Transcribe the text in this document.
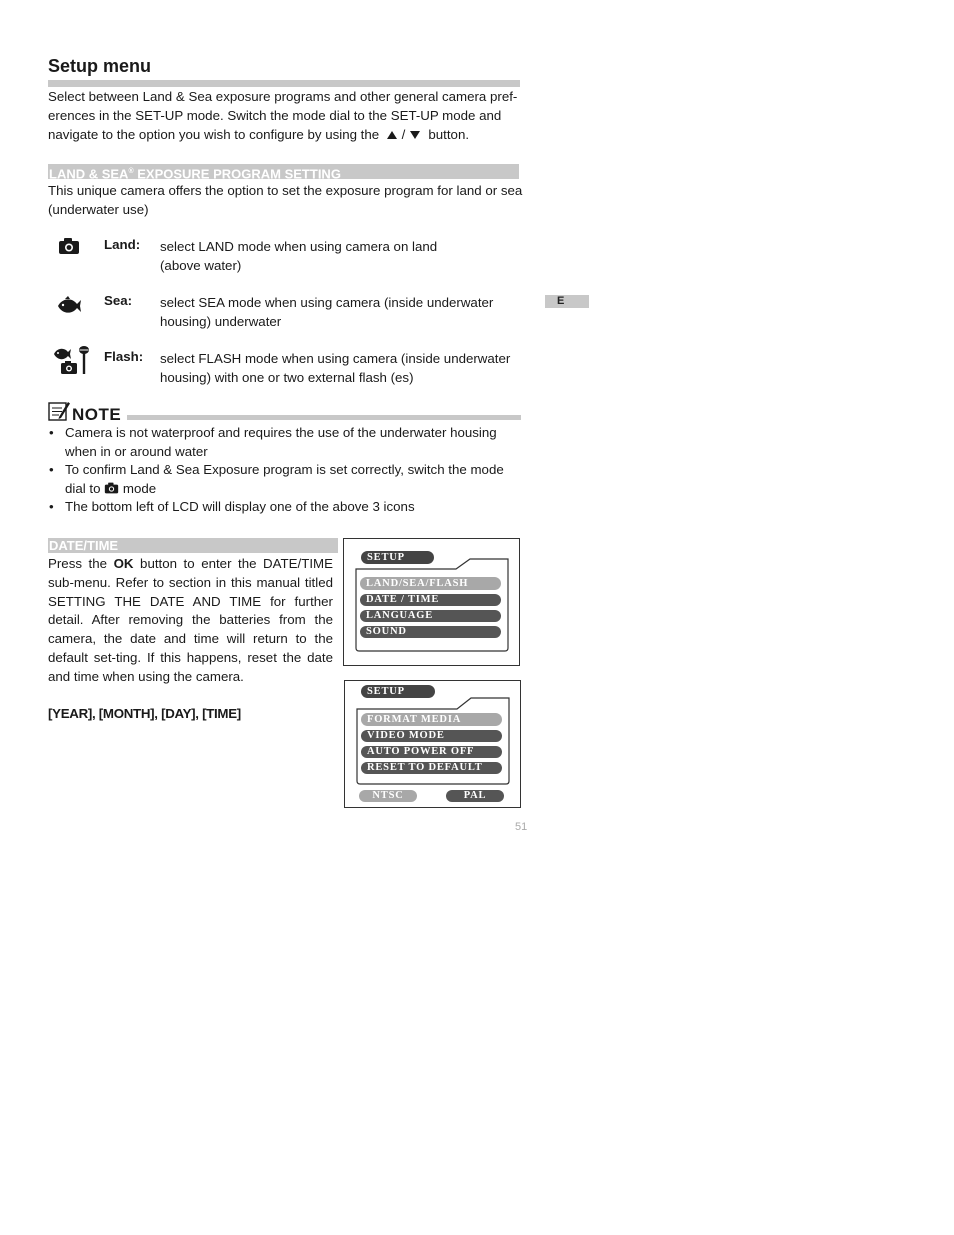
Setup menu
Select between Land & Sea exposure programs and other general camera pref-
erences in the SET-UP mode. Switch the mode dial to the SET-UP mode and
navigate to the option you wish to configure by using the / button.
E
LAND & SEA® EXPOSURE PROGRAM SETTING
This unique camera offers the option to set the exposure program for land or sea
(underwater use)
Land: select LAND mode when using camera on land
(above water)
Sea: select SEA mode when using camera (inside underwater
housing) underwater
Flash: select FLASH mode when using camera (inside underwater
housing) with one or two external flash (es)
NOTE
• Camera is not waterproof and requires the use of the underwater housing
when in or around water
• To confirm Land & Sea Exposure program is set correctly, switch the mode
dial to mode
• The bottom left of LCD will display one of the above 3 icons
DATE/TIME
Press the OK button to enter the DATE/TIME sub-menu. Refer to section in this manual titled SETTING THE DATE AND TIME for further detail. After removing the batteries from the camera, the date and time will return to the default set-ting. If this happens, reset the date and time when using the camera.
[YEAR], [MONTH], [DAY], [TIME]
SETUP
LAND/SEA/FLASH
DATE / TIME
LANGUAGE
SOUND
SETUP
FORMAT MEDIA
VIDEO MODE
AUTO POWER OFF
RESET TO DEFAULT
NTSC	PAL
51
